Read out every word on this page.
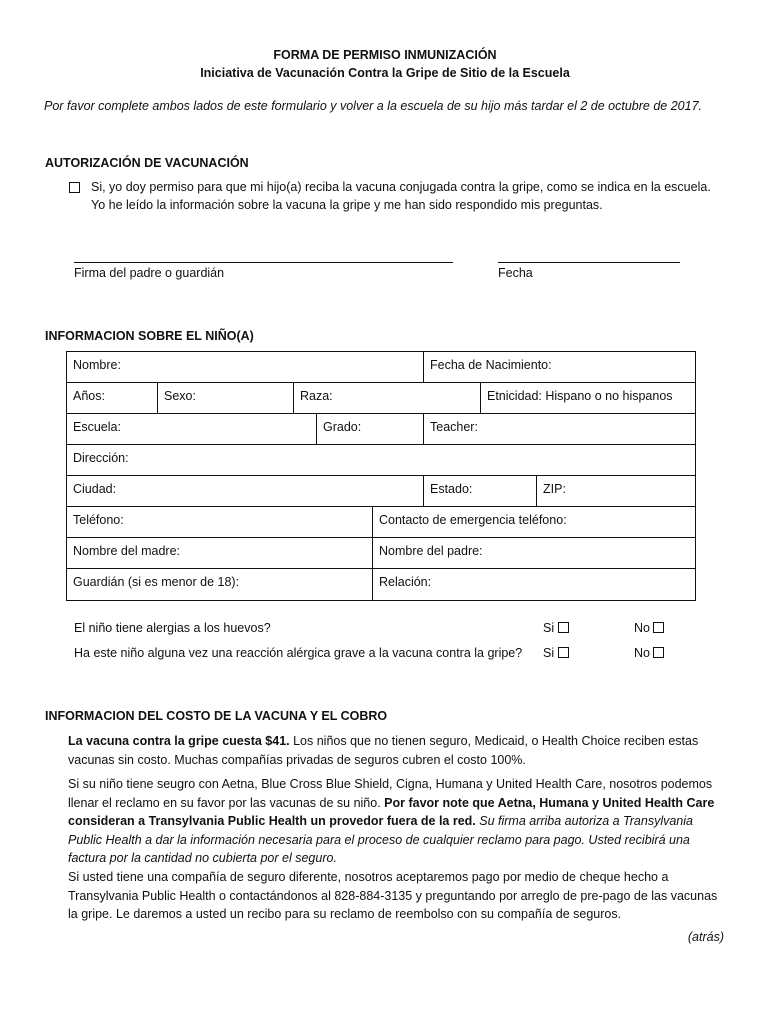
FORMA DE PERMISO INMUNIZACIÓN
Iniciativa de Vacunación Contra la Gripe de Sitio de la Escuela
Por favor complete ambos lados de este formulario y volver a la escuela de su hijo más tardar el 2 de octubre de 2017.
AUTORIZACIÓN DE VACUNACIÓN
Si, yo doy permiso para que mi hijo(a) reciba la vacuna conjugada contra la gripe, como se indica en la escuela.
Yo he leído la información sobre la vacuna la gripe y me han sido respondido mis preguntas.
Firma del padre o guardián	Fecha
INFORMACION SOBRE EL NIÑO(A)
Nombre:	Fecha de Nacimiento:
Años:	Sexo:	Raza:	Etnicidad: Hispano o no hispanos
Escuela:	Grado:	Teacher:
Dirección:
Ciudad:	Estado:	ZIP:
Teléfono:	Contacto de emergencia teléfono:
Nombre del madre:	Nombre del padre:
Guardián (si es menor de 18):	Relación:
El niño tiene alergias a los huevos?	Si	No
Ha este niño alguna vez una reacción alérgica grave a la vacuna contra la gripe? Si	No
INFORMACION DEL COSTO DE LA VACUNA Y EL COBRO
La vacuna contra la gripe cuesta $41. Los niños que no tienen seguro, Medicaid, o Health Choice reciben estas vacunas sin costo. Muchas compañías privadas de seguros cubren el costo 100%.
Si su niño tiene seugro con Aetna, Blue Cross Blue Shield, Cigna, Humana y United Health Care, nosotros podemos llenar el reclamo en su favor por las vacunas de su niño. Por favor note que Aetna, Humana y United Health Care consideran a Transylvania Public Health un provedor fuera de la red. Su firma arriba autoriza a Transylvania Public Health a dar la información necesaria para el proceso de cualquier reclamo para pago. Usted recibirá una factura por la cantidad no cubierta por el seguro.
Si usted tiene una compañía de seguro diferente, nosotros aceptaremos pago por medio de cheque hecho a Transylvania Public Health o contactándonos al 828-884-3135 y preguntando por arreglo de pre-pago de las vacunas la gripe. Le daremos a usted un recibo para su reclamo de reembolso con su compañía de seguros.
(atrás)
